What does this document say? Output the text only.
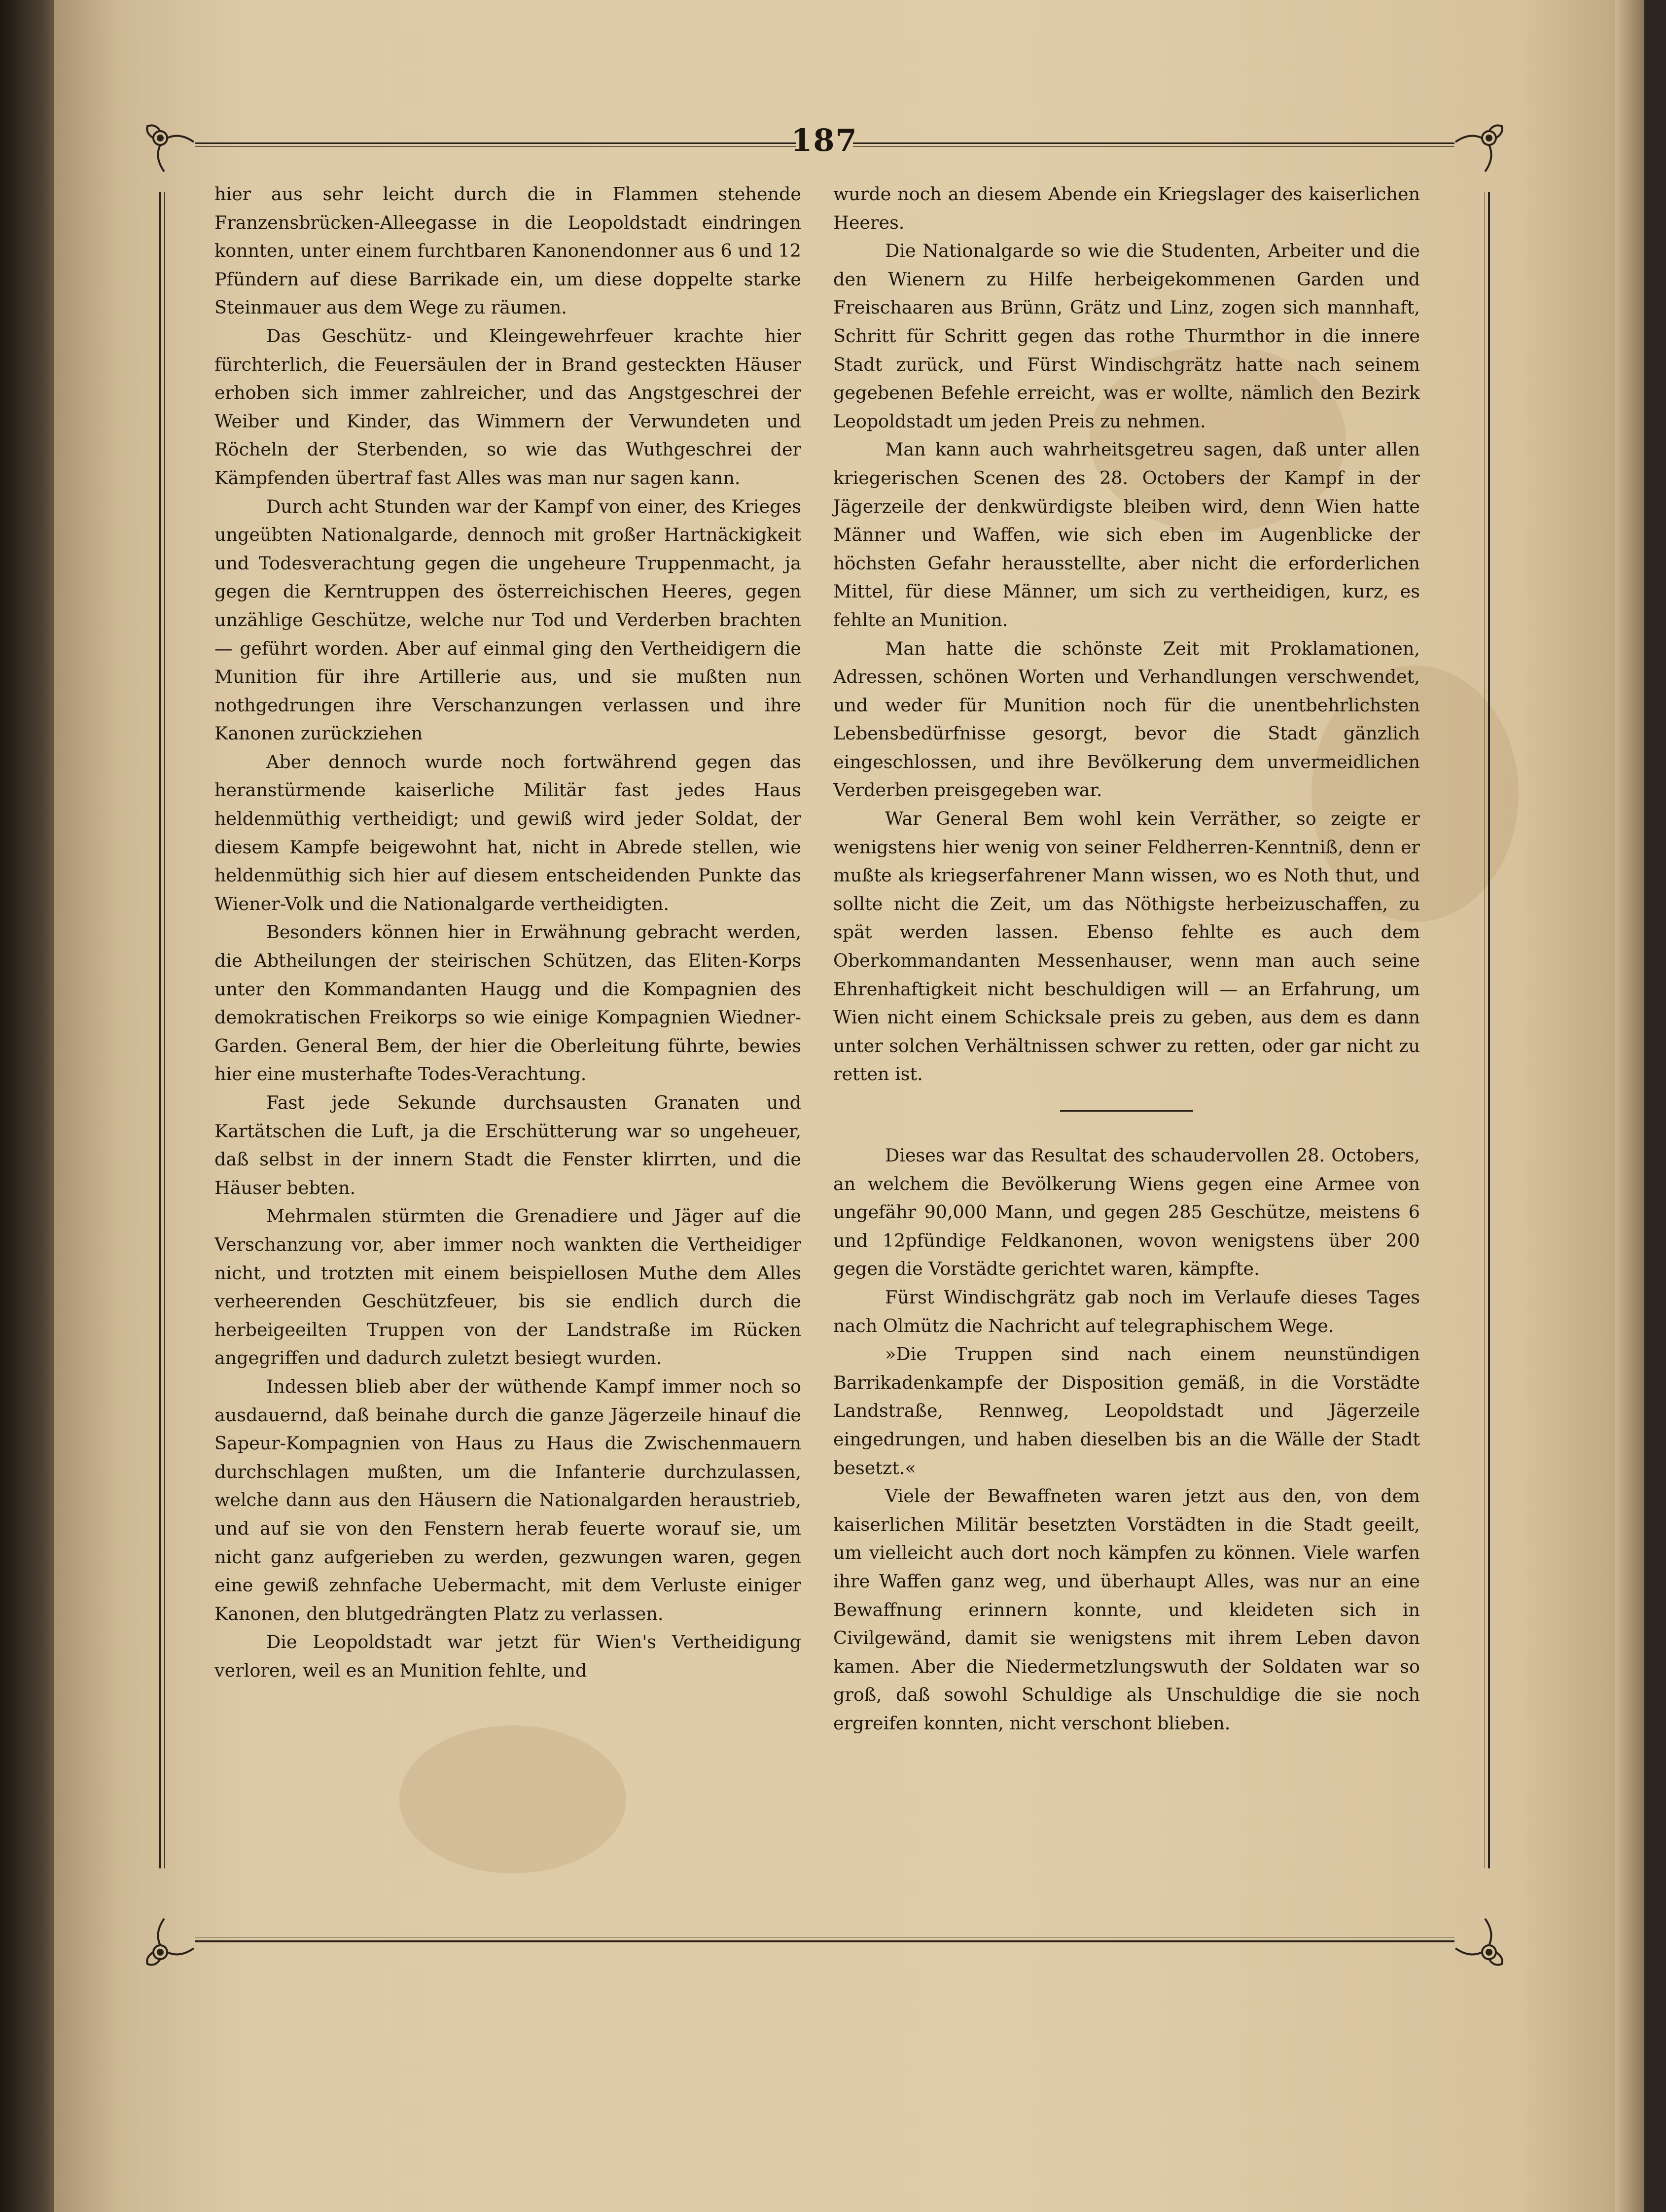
187

hier aus sehr leicht durch die in Flammen stehende Franzensbrücken-Alleegasse in die Leopoldstadt eindringen konnten, unter einem furchtbaren Kanonendonner aus 6 und 12 Pfündern auf diese Barrikade ein, um diese doppelte starke Steinmauer aus dem Wege zu räumen.

Das Geschütz- und Kleingewehrfeuer krachte hier fürchterlich, die Feuersäulen der in Brand gesteckten Häuser erhoben sich immer zahlreicher, und das Angstgeschrei der Weiber und Kinder, das Wimmern der Verwundeten und Röcheln der Sterbenden, so wie das Wuthgeschrei der Kämpfenden übertraf fast Alles was man nur sagen kann.

Durch acht Stunden war der Kampf von einer, des Krieges ungeübten Nationalgarde, dennoch mit großer Hartnäckigkeit und Todesverachtung gegen die ungeheure Truppenmacht, ja gegen die Kerntruppen des österreichischen Heeres, gegen unzählige Geschütze, welche nur Tod und Verderben brachten — geführt worden. Aber auf einmal ging den Vertheidigern die Munition für ihre Artillerie aus, und sie mußten nun nothgedrungen ihre Verschanzungen verlassen und ihre Kanonen zurückziehen

Aber dennoch wurde noch fortwährend gegen das heranstürmende kaiserliche Militär fast jedes Haus heldenmüthig vertheidigt; und gewiß wird jeder Soldat, der diesem Kampfe beigewohnt hat, nicht in Abrede stellen, wie heldenmüthig sich hier auf diesem entscheidenden Punkte das Wiener-Volk und die Nationalgarde vertheidigten.

Besonders können hier in Erwähnung gebracht werden, die Abtheilungen der steirischen Schützen, das Eliten-Korps unter den Kommandanten Haugg und die Kompagnien des demokratischen Freikorps so wie einige Kompagnien Wiedner-Garden. General Bem, der hier die Oberleitung führte, bewies hier eine musterhafte Todes-Verachtung.

Fast jede Sekunde durchsausten Granaten und Kartätschen die Luft, ja die Erschütterung war so ungeheuer, daß selbst in der innern Stadt die Fenster klirrten, und die Häuser bebten.

Mehrmalen stürmten die Grenadiere und Jäger auf die Verschanzung vor, aber immer noch wankten die Vertheidiger nicht, und trotzten mit einem beispiellosen Muthe dem Alles verheerenden Geschützfeuer, bis sie endlich durch die herbeigeeilten Truppen von der Landstraße im Rücken angegriffen und dadurch zuletzt besiegt wurden.

Indessen blieb aber der wüthende Kampf immer noch so ausdauernd, daß beinahe durch die ganze Jägerzeile hinauf die Sapeur-Kompagnien von Haus zu Haus die Zwischenmauern durchschlagen mußten, um die Infanterie durchzulassen, welche dann aus den Häusern die Nationalgarden heraustrieb, und auf sie von den Fenstern herab feuerte worauf sie, um nicht ganz aufgerieben zu werden, gezwungen waren, gegen eine gewiß zehnfache Uebermacht, mit dem Verluste einiger Kanonen, den blutgedrängten Platz zu verlassen.

Die Leopoldstadt war jetzt für Wien's Vertheidigung verloren, weil es an Munition fehlte, und

wurde noch an diesem Abende ein Kriegslager des kaiserlichen Heeres.

Die Nationalgarde so wie die Studenten, Arbeiter und die den Wienern zu Hilfe herbeigekommenen Garden und Freischaaren aus Brünn, Grätz und Linz, zogen sich mannhaft, Schritt für Schritt gegen das rothe Thurmthor in die innere Stadt zurück, und Fürst Windischgrätz hatte nach seinem gegebenen Befehle erreicht, was er wollte, nämlich den Bezirk Leopoldstadt um jeden Preis zu nehmen.

Man kann auch wahrheitsgetreu sagen, daß unter allen kriegerischen Scenen des 28. Octobers der Kampf in der Jägerzeile der denkwürdigste bleiben wird, denn Wien hatte Männer und Waffen, wie sich eben im Augenblicke der höchsten Gefahr herausstellte, aber nicht die erforderlichen Mittel, für diese Männer, um sich zu vertheidigen, kurz, es fehlte an Munition.

Man hatte die schönste Zeit mit Proklamationen, Adressen, schönen Worten und Verhandlungen verschwendet, und weder für Munition noch für die unentbehrlichsten Lebensbedürfnisse gesorgt, bevor die Stadt gänzlich eingeschlossen, und ihre Bevölkerung dem unvermeidlichen Verderben preisgegeben war.

War General Bem wohl kein Verräther, so zeigte er wenigstens hier wenig von seiner Feldherren-Kenntniß, denn er mußte als kriegserfahrener Mann wissen, wo es Noth thut, und sollte nicht die Zeit, um das Nöthigste herbeizuschaffen, zu spät werden lassen. Ebenso fehlte es auch dem Oberkommandanten Messenhauser, wenn man auch seine Ehrenhaftigkeit nicht beschuldigen will — an Erfahrung, um Wien nicht einem Schicksale preis zu geben, aus dem es dann unter solchen Verhältnissen schwer zu retten, oder gar nicht zu retten ist.

Dieses war das Resultat des schaudervollen 28. Octobers, an welchem die Bevölkerung Wiens gegen eine Armee von ungefähr 90,000 Mann, und gegen 285 Geschütze, meistens 6 und 12pfündige Feldkanonen, wovon wenigstens über 200 gegen die Vorstädte gerichtet waren, kämpfte.

Fürst Windischgrätz gab noch im Verlaufe dieses Tages nach Olmütz die Nachricht auf telegraphischem Wege.

»Die Truppen sind nach einem neunstündigen Barrikadenkampfe der Disposition gemäß, in die Vorstädte Landstraße, Rennweg, Leopoldstadt und Jägerzeile eingedrungen, und haben dieselben bis an die Wälle der Stadt besetzt.«

Viele der Bewaffneten waren jetzt aus den, von dem kaiserlichen Militär besetzten Vorstädten in die Stadt geeilt, um vielleicht auch dort noch kämpfen zu können. Viele warfen ihre Waffen ganz weg, und überhaupt Alles, was nur an eine Bewaffnung erinnern konnte, und kleideten sich in Civilgewänd, damit sie wenigstens mit ihrem Leben davon kamen. Aber die Niedermetzlungswuth der Soldaten war so groß, daß sowohl Schuldige als Unschuldige die sie noch ergreifen konnten, nicht verschont blieben.
